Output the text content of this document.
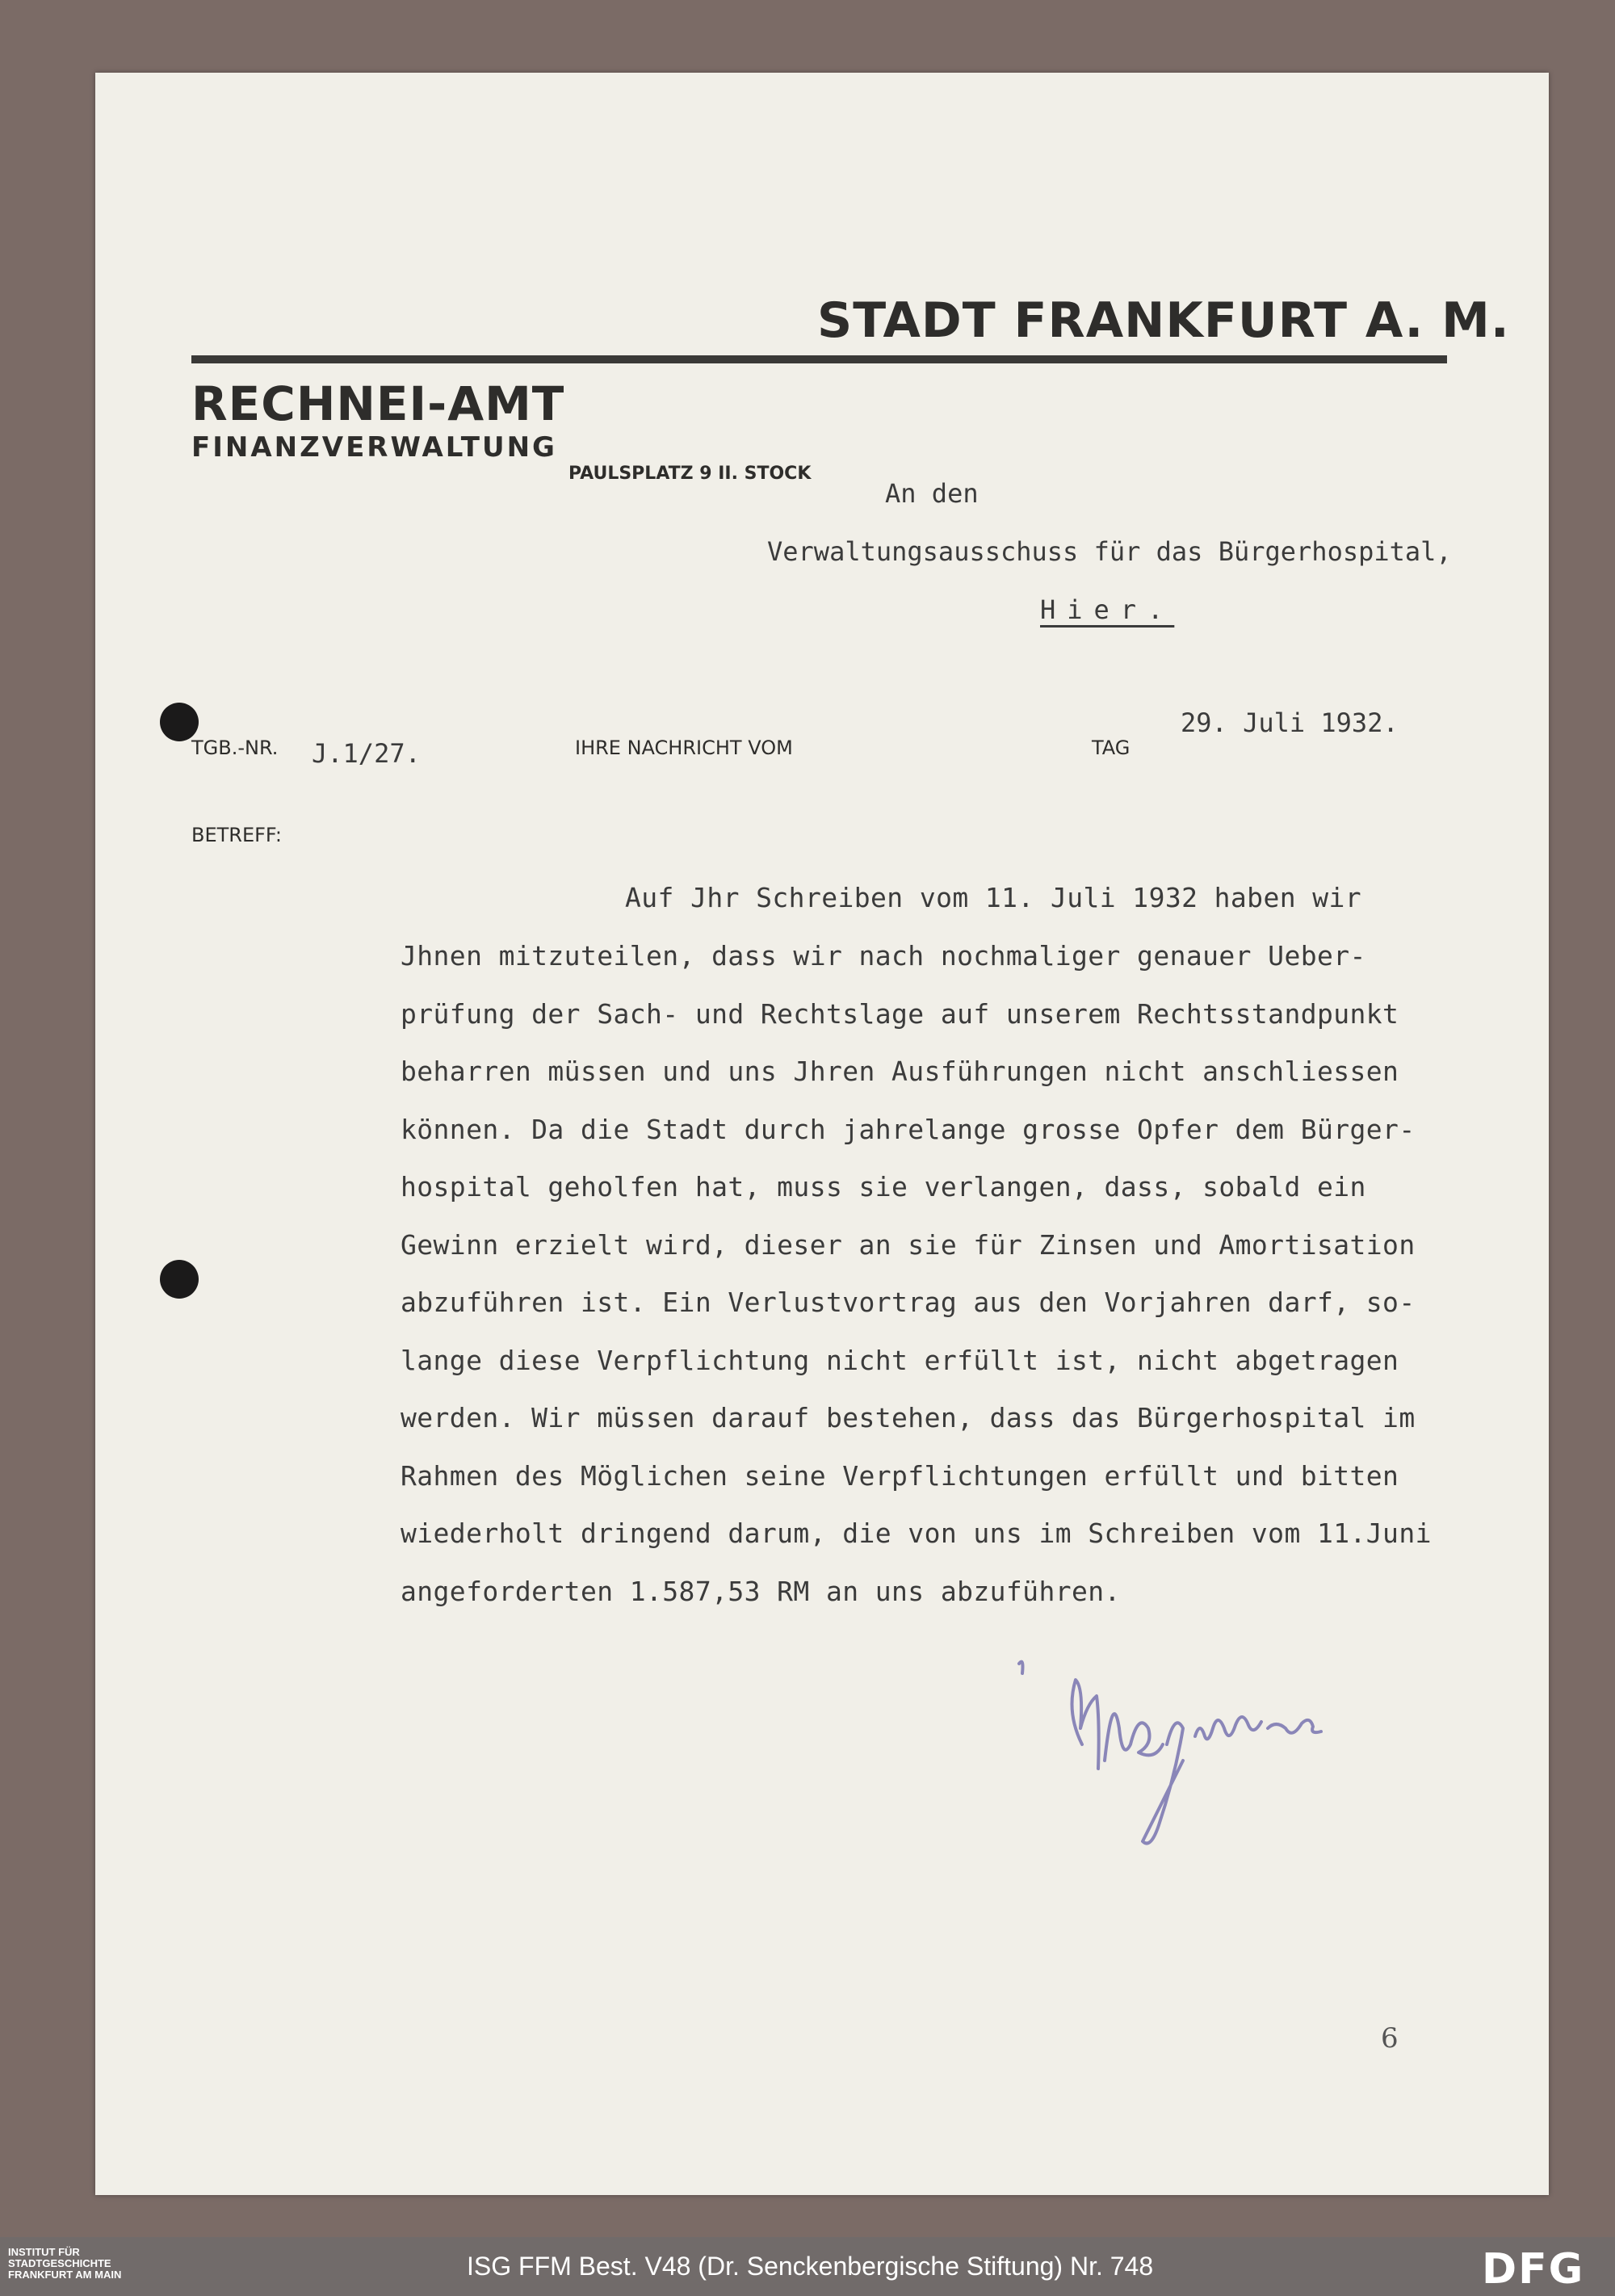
STADT FRANKFURT A. M.
RECHNEI-AMT
FINANZVERWALTUNG
PAULSPLATZ 9 II. STOCK
An den
Verwaltungsausschuss für das Bürgerhospital,
Hier.
TGB.-NR. J.1/27.	IHRE NACHRICHT VOM	TAG
29. Juli 1932.
BETREFF:
Auf Jhr Schreiben vom 11. Juli 1932 haben wir
Jhnen mitzuteilen, dass wir nach nochmaliger genauer Ueber-
prüfung der Sach- und Rechtslage auf unserem Rechtsstandpunkt
beharren müssen und uns Jhren Ausführungen nicht anschliessen
können. Da die Stadt durch jahrelange grosse Opfer dem Bürger-
hospital geholfen hat, muss sie verlangen, dass, sobald ein
Gewinn erzielt wird, dieser an sie für Zinsen und Amortisation
abzuführen ist. Ein Verlustvortrag aus den Vorjahren darf, so-
lange diese Verpflichtung nicht erfüllt ist, nicht abgetragen
werden. Wir müssen darauf bestehen, dass das Bürgerhospital im
Rahmen des Möglichen seine Verpflichtungen erfüllt und bitten
wiederholt dringend darum, die von uns im Schreiben vom 11.Juni
angeforderten 1.587,53 RM an uns abzuführen.
6
INSTITUT FÜR STADTGESCHICHTE FRANKFURT AM MAIN	ISG FFM Best. V48 (Dr. Senckenbergische Stiftung) Nr. 748	DFG
